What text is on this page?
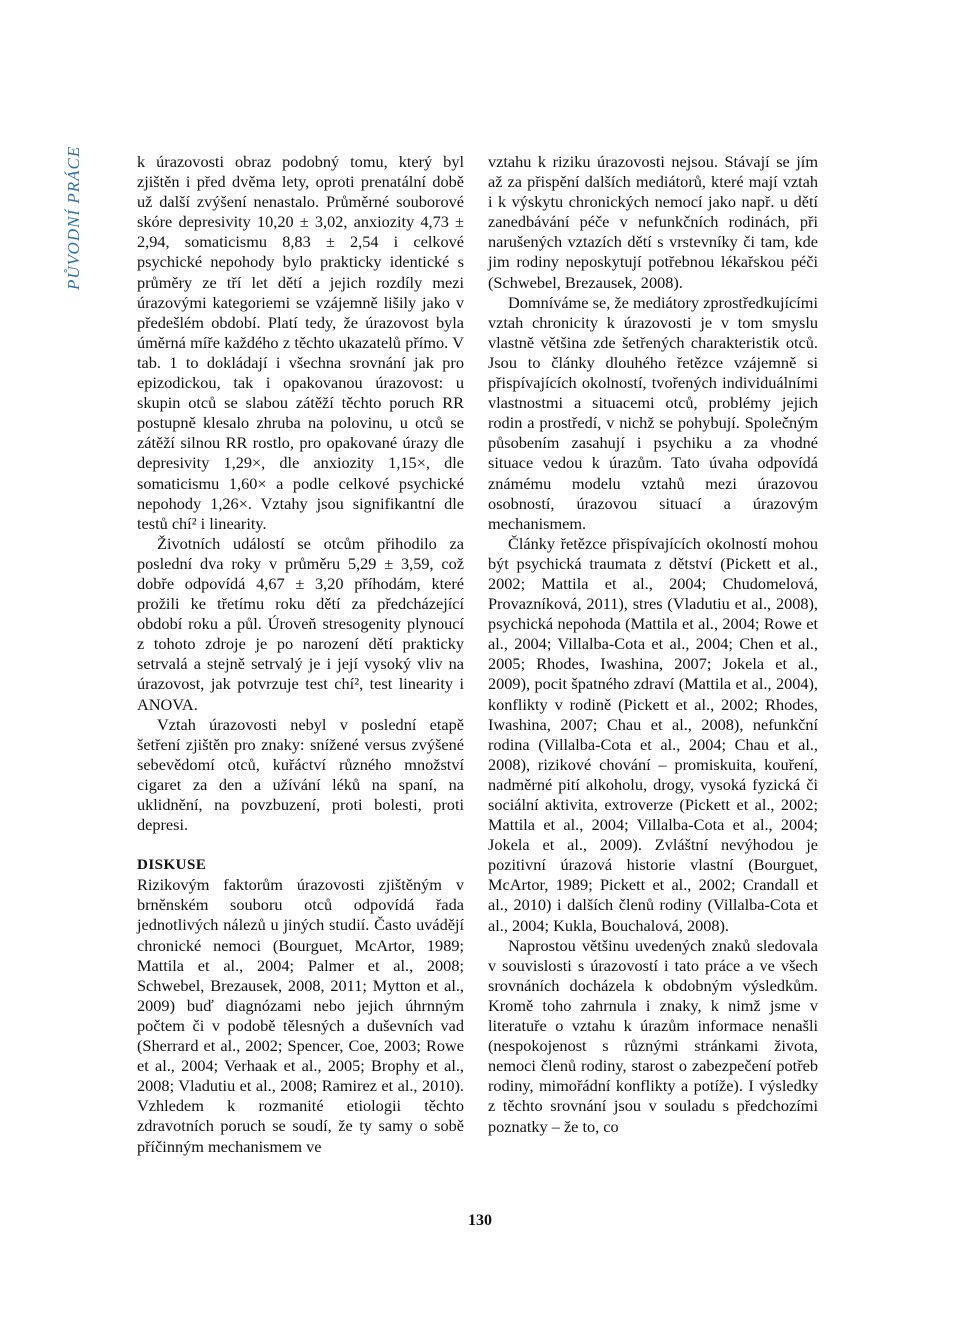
PŮVODNÍ PRÁCE	k úrazovosti obraz podobný tomu, který byl zjištěn i před dvěma lety, oproti prenatální době už další zvýšení nenastalo. Průměrné souborové skóre depresivity 10,20 ± 3,02, anxiozity 4,73 ± 2,94, somaticismu 8,83 ± 2,54 i celkové psychické nepohody bylo prakticky identické s průměry ze tří let dětí a jejich rozdíly mezi úrazovými kategoriemi se vzájemně lišily jako v předešlém období. Platí tedy, že úrazovost byla úměrná míře každého z těchto ukazatelů přímo. V tab. 1 to dokládají i všechna srovnání jak pro epizodickou, tak i opakovanou úrazovost: u skupin otců se slabou zátěží těchto poruch RR postupně klesalo zhruba na polovinu, u otců se zátěží silnou RR rostlo, pro opakované úrazy dle depresivity 1,29×, dle anxiozity 1,15×, dle somaticismu 1,60× a podle celkové psychické nepohody 1,26×. Vztahy jsou signifikantní dle testů chí² i linearity.

Životních událostí se otcům přihodilo za poslední dva roky v průměru 5,29 ± 3,59, což dobře odpovídá 4,67 ± 3,20 příhodám, které prožili ke třetímu roku dětí za předcházející období roku a půl. Úroveň stresogenity plynoucí z tohoto zdroje je po narození dětí prakticky setrvalá a stejně setrvalý je i její vysoký vliv na úrazovost, jak potvrzuje test chí², test linearity i ANOVA.

Vztah úrazovosti nebyl v poslední etapě šetření zjištěn pro znaky: snížené versus zvýšené sebevědomí otců, kuřáctví různého množství cigaret za den a užívání léků na spaní, na uklidnění, na povzbuzení, proti bolesti, proti depresi.

DISKUSE

Rizikovým faktorům úrazovosti zjištěným v brněnském souboru otců odpovídá řada jednotlivých nálezů u jiných studií. Často uvádějí chronické nemoci (Bourguet, McArtor, 1989; Mattila et al., 2004; Palmer et al., 2008; Schwebel, Brezausek, 2008, 2011; Mytton et al., 2009) buď diagnózami nebo jejich úhrnným počtem či v podobě tělesných a duševních vad (Sherrard et al., 2002; Spencer, Coe, 2003; Rowe et al., 2004; Verhaak et al., 2005; Brophy et al., 2008; Vladutiu et al., 2008; Ramirez et al., 2010). Vzhledem k rozmanité etiologii těchto zdravotních poruch se soudí, že ty samy o sobě příčinným mechanismem ve

vztahu k riziku úrazovosti nejsou. Stávají se jím až za přispění dalších mediátorů, které mají vztah i k výskytu chronických nemocí jako např. u dětí zanedbávání péče v nefunkčních rodinách, při narušených vztazích dětí s vrstevníky či tam, kde jim rodiny neposkytují potřebnou lékařskou péči (Schwebel, Brezausek, 2008).

Domníváme se, že mediátory zprostředkujícími vztah chronicity k úrazovosti je v tom smyslu vlastně většina zde šetřených charakteristik otců. Jsou to články dlouhého řetězce vzájemně si přispívajících okolností, tvořených individuálními vlastnostmi a situacemi otců, problémy jejich rodin a prostředí, v nichž se pohybují. Společným působením zasahují i psychiku a za vhodné situace vedou k úrazům. Tato úvaha odpovídá známému modelu vztahů mezi úrazovou osobností, úrazovou situací a úrazovým mechanismem.

Články řetězce přispívajících okolností mohou být psychická traumata z dětství (Pickett et al., 2002; Mattila et al., 2004; Chudomelová, Provazníková, 2011), stres (Vladutiu et al., 2008), psychická nepohoda (Mattila et al., 2004; Rowe et al., 2004; Villalba-Cota et al., 2004; Chen et al., 2005; Rhodes, Iwashina, 2007; Jokela et al., 2009), pocit špatného zdraví (Mattila et al., 2004), konflikty v rodině (Pickett et al., 2002; Rhodes, Iwashina, 2007; Chau et al., 2008), nefunkční rodina (Villalba-Cota et al., 2004; Chau et al., 2008), rizikové chování – promiskuita, kouření, nadměrné pití alkoholu, drogy, vysoká fyzická či sociální aktivita, extroverze (Pickett et al., 2002; Mattila et al., 2004; Villalba-Cota et al., 2004; Jokela et al., 2009). Zvláštní nevýhodou je pozitivní úrazová historie vlastní (Bourguet, McArtor, 1989; Pickett et al., 2002; Crandall et al., 2010) i dalších členů rodiny (Villalba-Cota et al., 2004; Kukla, Bouchalová, 2008).

Naprostou většinu uvedených znaků sledovala v souvislosti s úrazovostí i tato práce a ve všech srovnáních docházela k obdobným výsledkům. Kromě toho zahrnula i znaky, k nimž jsme v literatuře o vztahu k úrazům informace nenašli (nespokojenost s různými stránkami života, nemoci členů rodiny, starost o zabezpečení potřeb rodiny, mimořádní konflikty a potíže). I výsledky z těchto srovnání jsou v souladu s předchozími poznatky – že to, co

130
